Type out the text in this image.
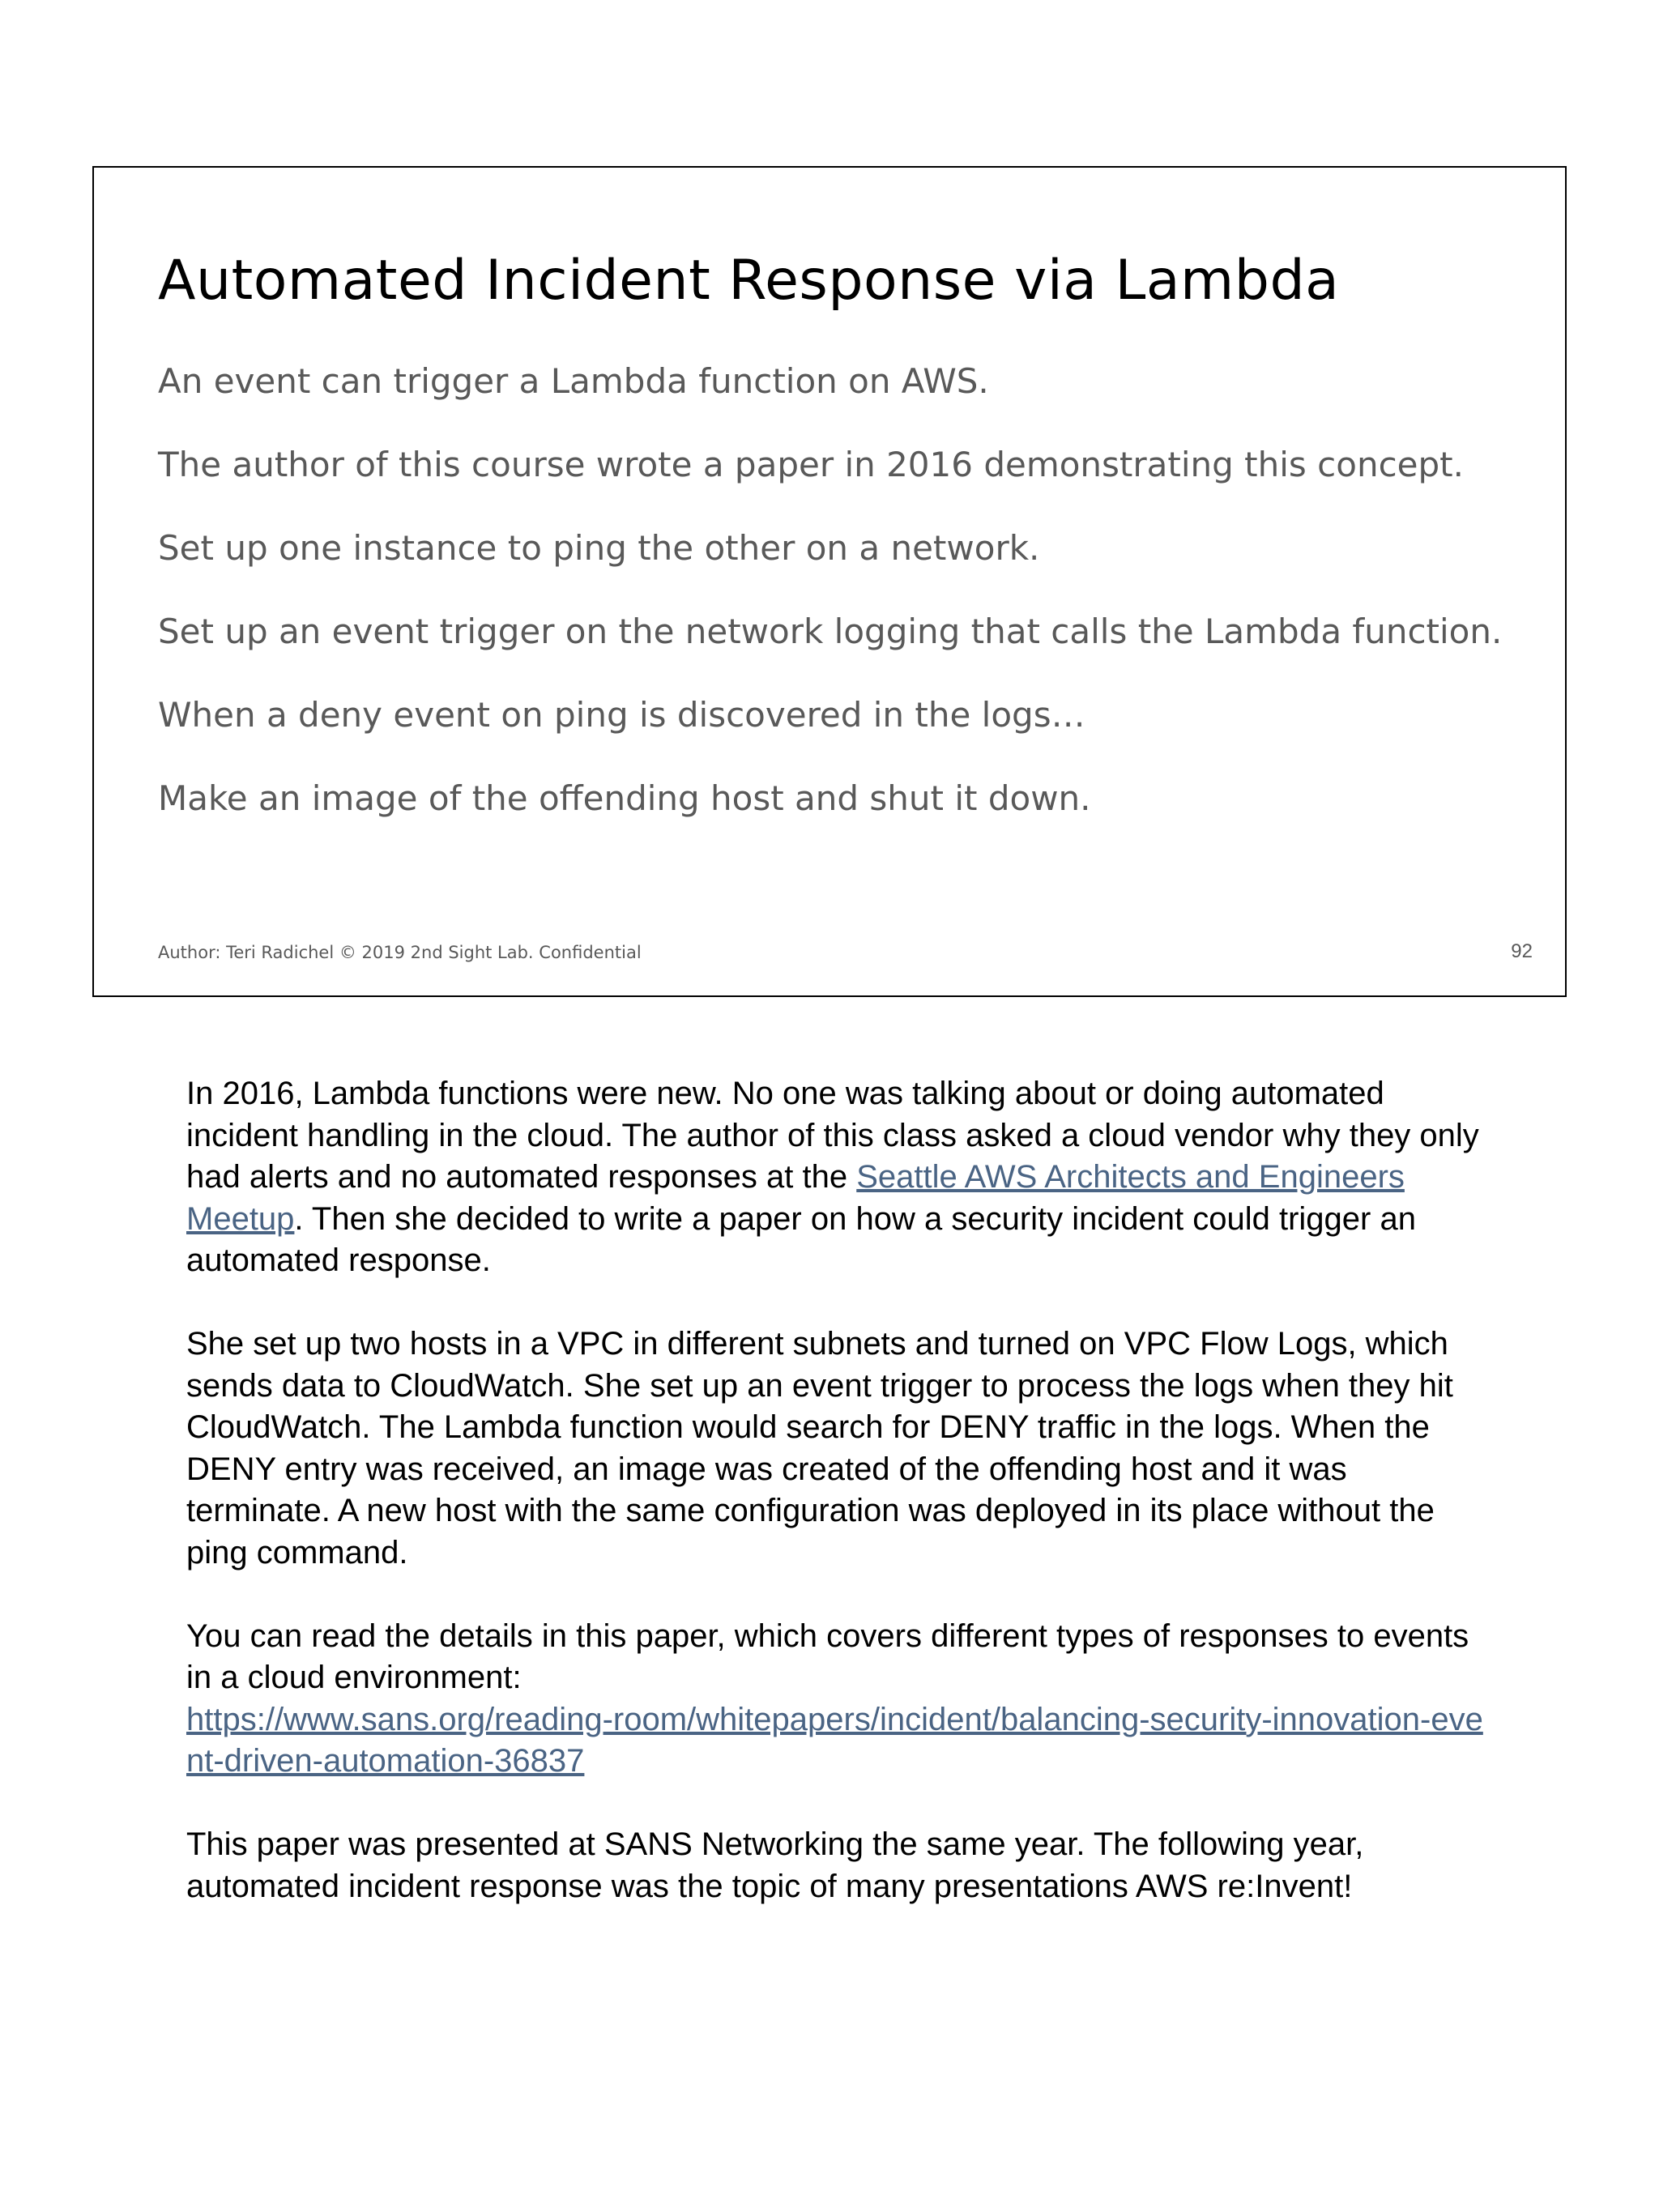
Automated Incident Response via Lambda
An event can trigger a Lambda function on AWS.
The author of this course wrote a paper in 2016 demonstrating this concept.
Set up one instance to ping the other on a network.
Set up an event trigger on the network logging that calls the Lambda function.
When a deny event on ping is discovered in the logs…
Make an image of the offending host and shut it down.
Author: Teri Radichel © 2019 2nd Sight Lab. Confidential	92

In 2016, Lambda functions were new. No one was talking about or doing automated incident handling in the cloud. The author of this class asked a cloud vendor why they only had alerts and no automated responses at the Seattle AWS Architects and Engineers Meetup. Then she decided to write a paper on how a security incident could trigger an automated response.

She set up two hosts in a VPC in different subnets and turned on VPC Flow Logs, which sends data to CloudWatch. She set up an event trigger to process the logs when they hit CloudWatch. The Lambda function would search for DENY traffic in the logs. When the DENY entry was received, an image was created of the offending host and it was terminate. A new host with the same configuration was deployed in its place without the ping command.

You can read the details in this paper, which covers different types of responses to events in a cloud environment:
https://www.sans.org/reading-room/whitepapers/incident/balancing-security-innovation-event-driven-automation-36837

This paper was presented at SANS Networking the same year. The following year, automated incident response was the topic of many presentations AWS re:Invent!
